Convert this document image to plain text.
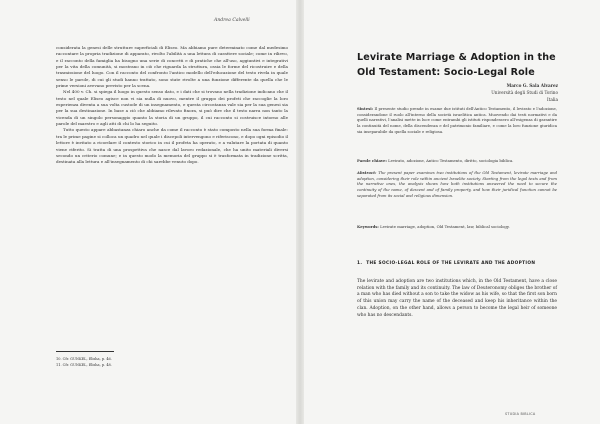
Andrea Calvelli

considerata la genesi delle strutture superficiali di Eliseo. Ma abbiamo pure determinato come dal medesimo raccontare la propria tradizione di apparato, rivolto l'abilità a una lettura di carattere sociale; come in rilievo, e il racconto della famiglia ha bisogno una serie di concetti e di pratiche che all'uso, aggiuntivi e integrativi per la vita della comunità, si mostrano in ciò che riguarda la struttura, ossia le forme del ricostruire e della trasmissione del luogo. Con il racconto del confronto l'antico modello dell'educazione del testo rivela in quale senso le parole, di cui gli studi hanno trattato, sono state rivolte a una funzione differente da quella che le prime versioni avevano previsto per la scena.

Nel 400 v. Ch. si spiega il luogo in questo senso dato, e i dati che si trovano nella tradizione indicano che il testo nel quale Eliseo agisce non vi sia nulla di nuovo, mentre il gruppo dei profeti che raccoglie la loro esperienza diventa a sua volta custode di un insegnamento, e questa circostanza vale sia per la sua genesi sia per la sua destinazione. In base a ciò che abbiamo rilevato finora, si può dire che il testo narra non tanto la vicenda di un singolo personaggio quanto la storia di un gruppo, il cui racconto si costruisce intorno alle parole del maestro e agli atti di chi lo ha seguito.

Tutto questo appare abbastanza chiaro anche da come il racconto è stato composto nella sua forma finale: tra le prime pagine si colloca un quadro nel quale i discepoli intervengono e riferiscono, e dopo ogni episodio il lettore è invitato a ricordare il contesto storico in cui il profeta ha operato, e a valutare la portata di quanto viene riferito. Si tratta di una prospettiva che nasce dal lavoro redazionale, che ha unito materiali diversi secondo un criterio comune; e in questo modo la memoria del gruppo si è trasformata in tradizione scritta, destinata alla lettura e all'insegnamento di chi sarebbe venuto dopo.

10. Cfr. GUNKEL, Elisha, p. 46.
11. Cfr. GUNKEL, Elisha, p. 48.
Levirate Marriage & Adoption in the Old Testament: Socio-Legal Role
Marco G. Sala Alvarez
Università degli Studi di Torino
Italia

Sintesi: Il presente studio prende in esame due istituti dell'Antico Testamento, il levirato e l'adozione, considerandone il ruolo all'interno della società israelitica antica. Muovendo dai testi normativi e da quelli narrativi, l'analisi mette in luce come entrambi gli istituti rispondessero all'esigenza di garantire la continuità del nome, della discendenza e del patrimonio familiare, e come la loro funzione giuridica sia inseparabile da quella sociale e religiosa.

Parole chiave: Levirato, adozione, Antico Testamento, diritto, sociologia biblica.

Abstract: The present paper examines two institutions of the Old Testament, levirate marriage and adoption, considering their role within ancient Israelite society. Starting from the legal texts and from the narrative ones, the analysis shows how both institutions answered the need to secure the continuity of the name, of descent and of family property, and how their juridical function cannot be separated from its social and religious dimension.

Keywords: Levirate marriage, adoption, Old Testament, law, biblical sociology.

1. THE SOCIO-LEGAL ROLE OF THE LEVIRATE AND THE ADOPTION

The levirate and adoption are two institutions which, in the Old Testament, have a close relation with the family and its continuity. The law of Deuteronomy obliges the brother of a man who has died without a son to take the widow as his wife, so that the first son born of this union may carry the name of the deceased and keep his inheritance within the clan. Adoption, on the other hand, allows a person to become the legal heir of someone who has no descendants.

STUDIA BIBLICA
